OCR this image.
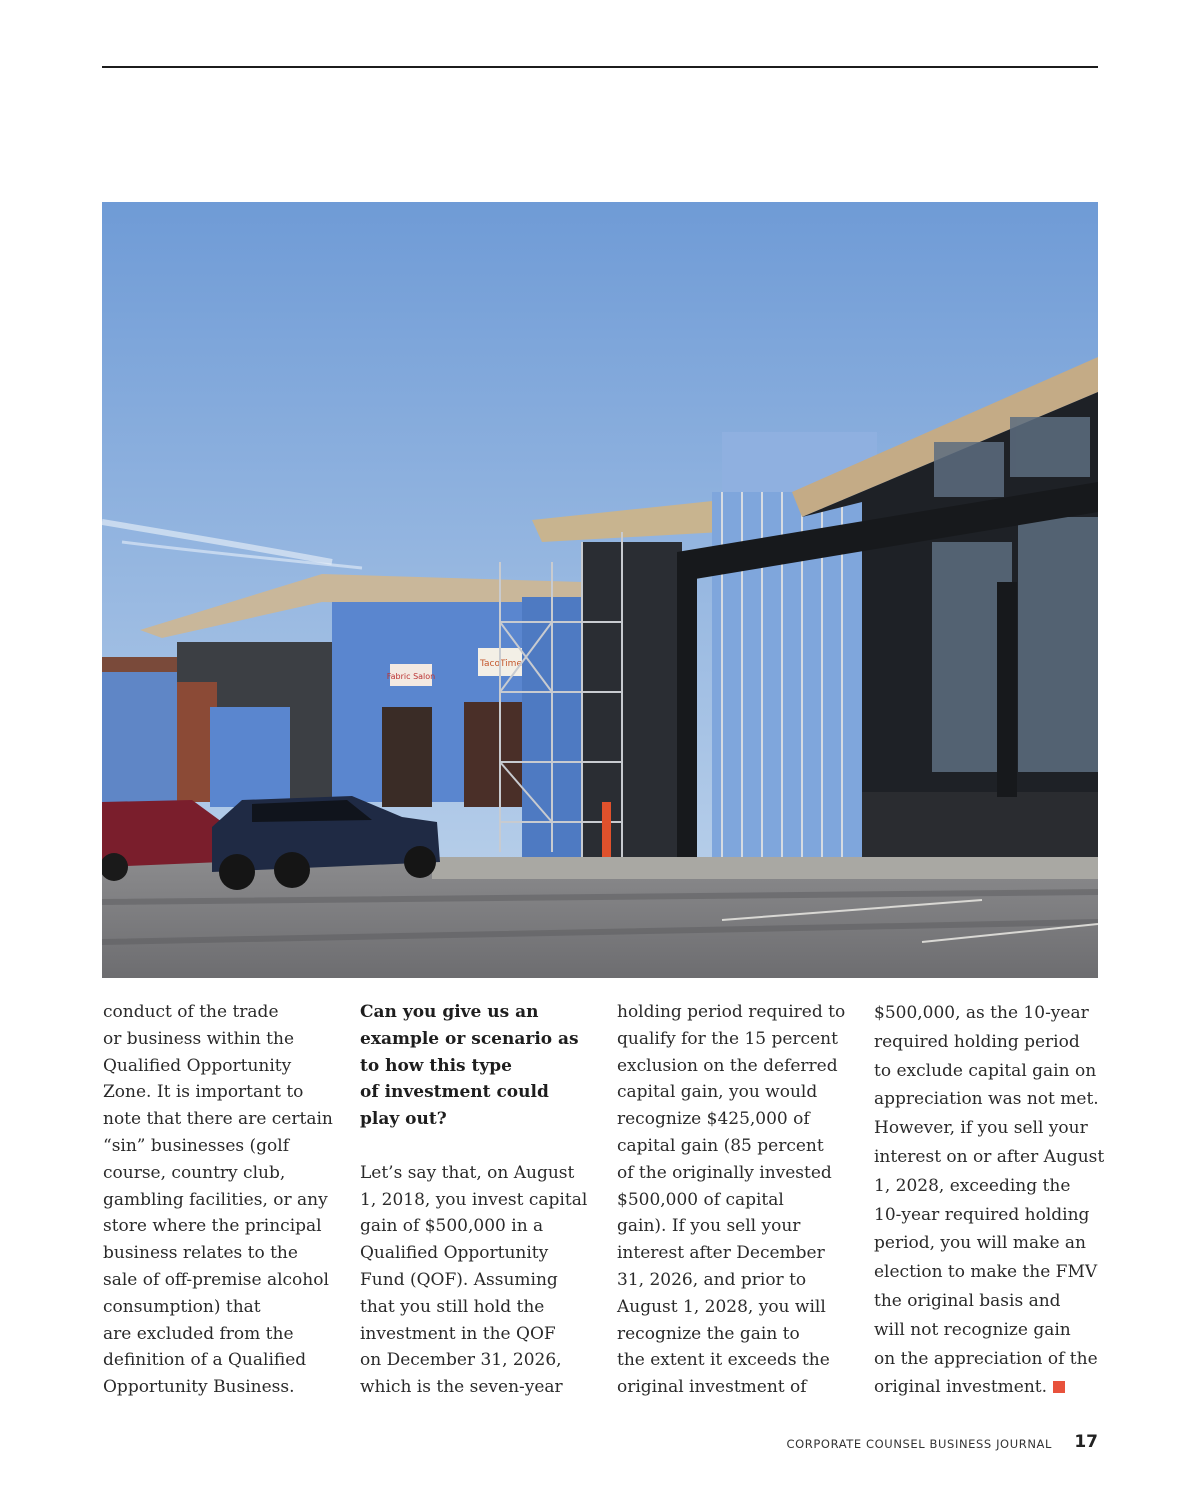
Fabric Salon
TacoTime

conduct of the trade
or business within the
Qualified Opportunity
Zone. It is important to
note that there are certain
“sin” businesses (golf
course, country club,
gambling facilities, or any
store where the principal
business relates to the
sale of off-premise alcohol
consumption) that
are excluded from the
definition of a Qualified
Opportunity Business.

Can you give us an
example or scenario as
to how this type
of investment could
play out?

Let’s say that, on August
1, 2018, you invest capital
gain of $500,000 in a
Qualified Opportunity
Fund (QOF). Assuming
that you still hold the
investment in the QOF
on December 31, 2026,
which is the seven-year

holding period required to
qualify for the 15 percent
exclusion on the deferred
capital gain, you would
recognize $425,000 of
capital gain (85 percent
of the originally invested
$500,000 of capital
gain). If you sell your
interest after December
31, 2026, and prior to
August 1, 2028, you will
recognize the gain to
the extent it exceeds the
original investment of

$500,000, as the 10-year
required holding period
to exclude capital gain on
appreciation was not met.
However, if you sell your
interest on or after August
1, 2028, exceeding the
10-year required holding
period, you will make an
election to make the FMV
the original basis and
will not recognize gain
on the appreciation of the
original investment.

CORPORATE COUNSEL BUSINESS JOURNAL 17
